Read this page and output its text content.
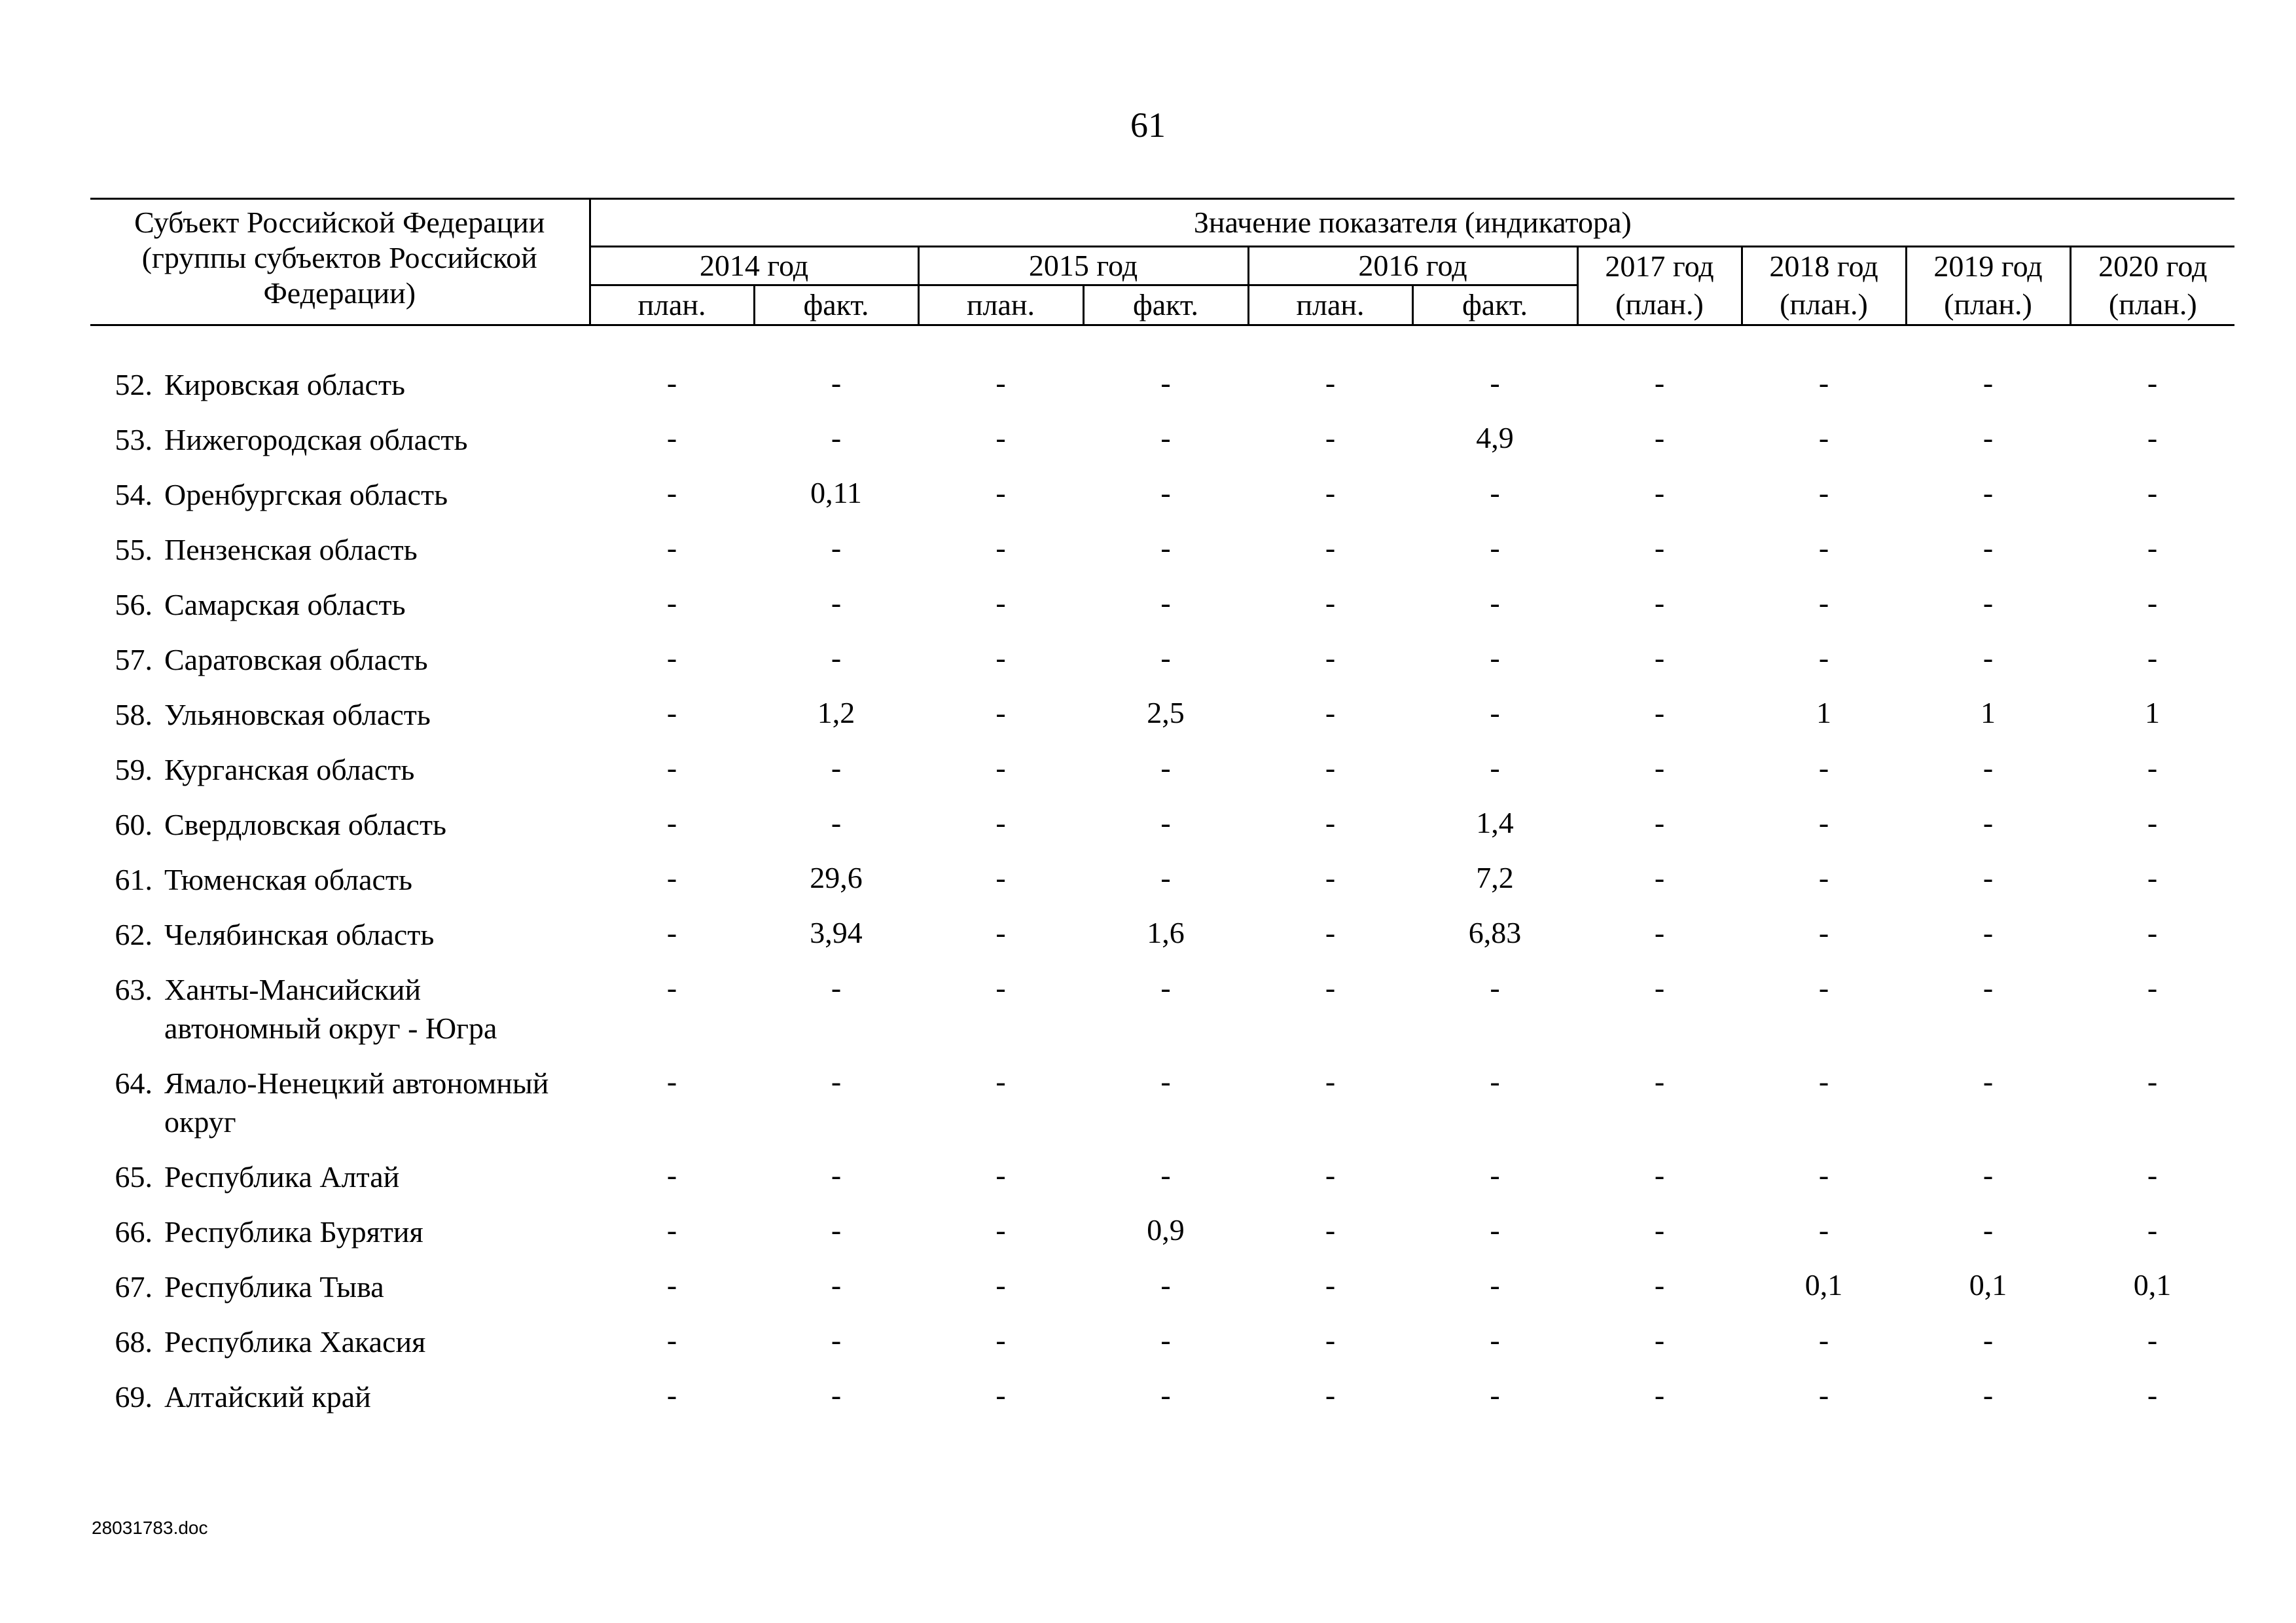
61
Субъект Российской Федерации (группы субъектов Российской Федерации)	Значение показателя (индикатора)									
	2014 год		2015 год		2016 год		2017 год (план.)	2018 год (план.)	2019 год (план.)	2020 год (план.)
	план.	факт.	план.	факт.	план.	факт.				

52. Кировская область	-	-	-	-	-	-	-	-	-	-
53. Нижегородская область	-	-	-	-	-	4,9	-	-	-	-
54. Оренбургская область	-	0,11	-	-	-	-	-	-	-	-
55. Пензенская область	-	-	-	-	-	-	-	-	-	-
56. Самарская область	-	-	-	-	-	-	-	-	-	-
57. Саратовская область	-	-	-	-	-	-	-	-	-	-
58. Ульяновская область	-	1,2	-	2,5	-	-	-	1	1	1
59. Курганская область	-	-	-	-	-	-	-	-	-	-
60. Свердловская область	-	-	-	-	-	1,4	-	-	-	-
61. Тюменская область	-	29,6	-	-	-	7,2	-	-	-	-
62. Челябинская область	-	3,94	-	1,6	-	6,83	-	-	-	-
63. Ханты-Мансийский автономный округ - Югра	-	-	-	-	-	-	-	-	-	-
64. Ямало-Ненецкий автономный округ	-	-	-	-	-	-	-	-	-	-
65. Республика Алтай	-	-	-	-	-	-	-	-	-	-
66. Республика Бурятия	-	-	-	0,9	-	-	-	-	-	-
67. Республика Тыва	-	-	-	-	-	-	-	0,1	0,1	0,1
68. Республика Хакасия	-	-	-	-	-	-	-	-	-	-
69. Алтайский край	-	-	-	-	-	-	-	-	-	-
28031783.doc
